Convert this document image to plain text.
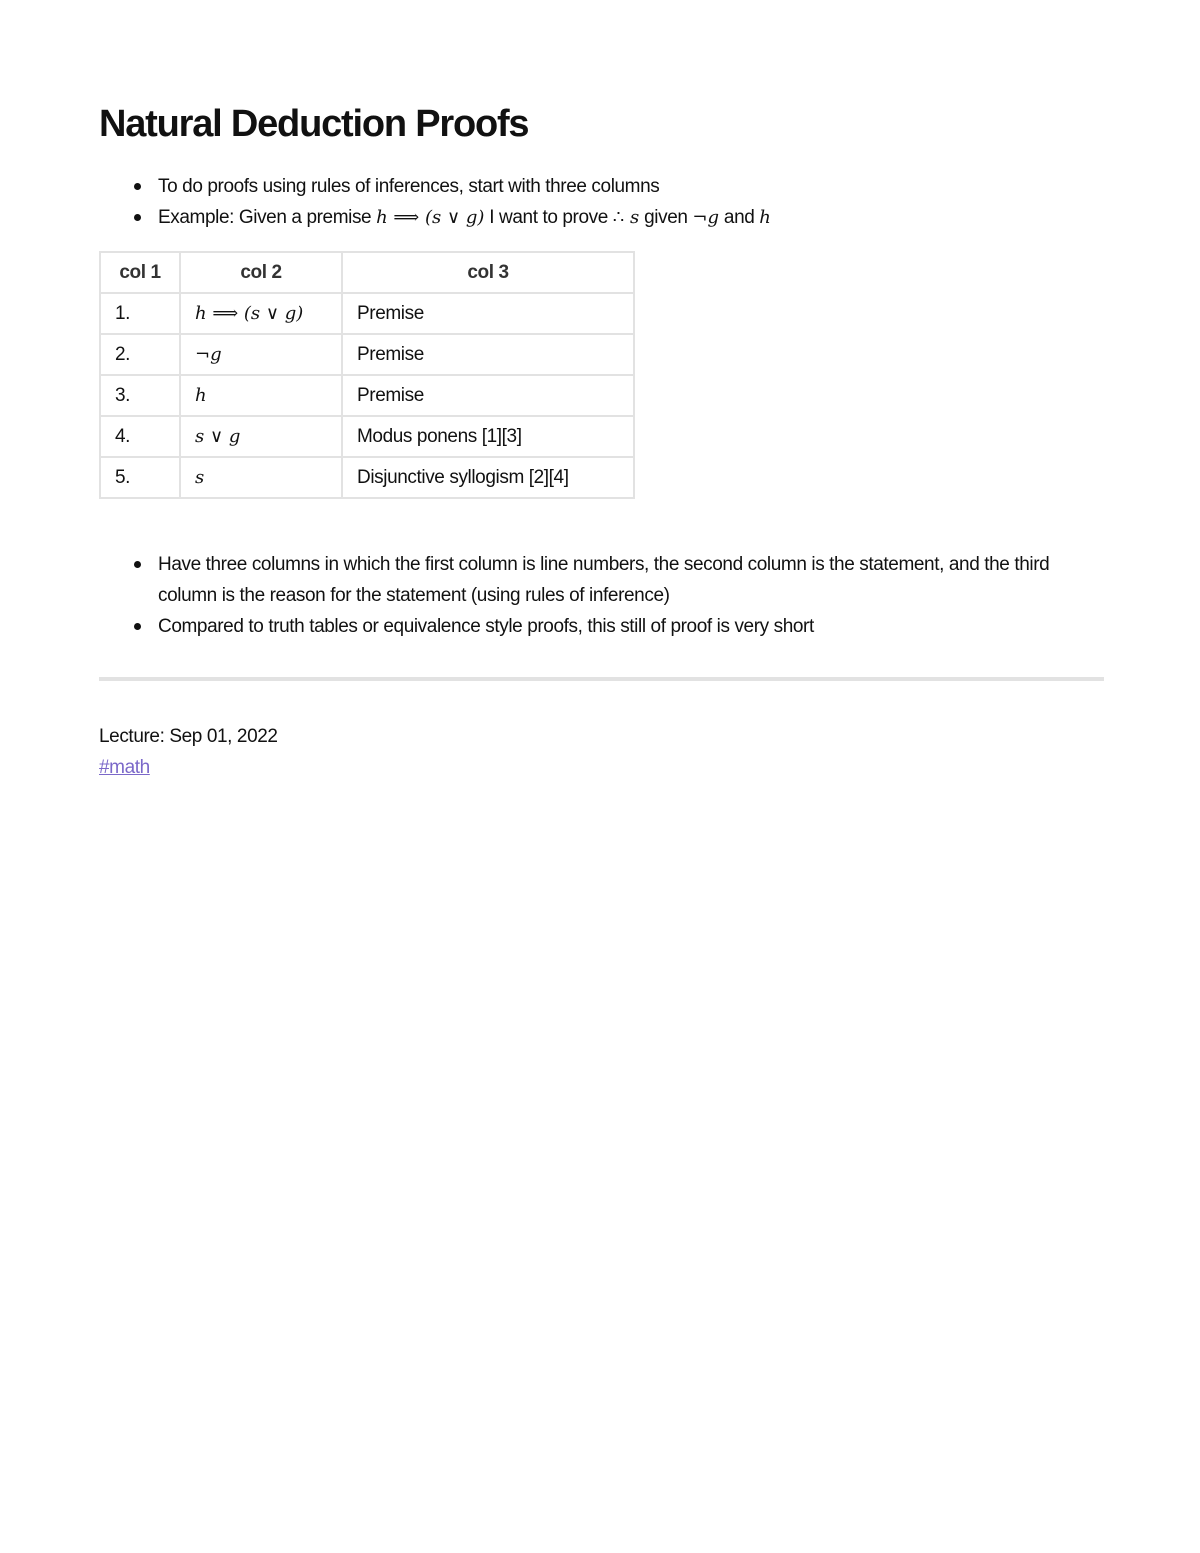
Natural Deduction Proofs
To do proofs using rules of inferences, start with three columns
Example: Given a premise h ⟹ (s ∨ g) I want to prove ∴ s given ¬g and h
col 1	col 2	col 3
1.	h ⟹ (s ∨ g)	Premise
2.	¬g	Premise
3.	h	Premise
4.	s ∨ g	Modus ponens [1][3]
5.	s	Disjunctive syllogism [2][4]
Have three columns in which the first column is line numbers, the second column is the statement, and the third column is the reason for the statement (using rules of inference)
Compared to truth tables or equivalence style proofs, this still of proof is very short
Lecture: Sep 01, 2022
#math
